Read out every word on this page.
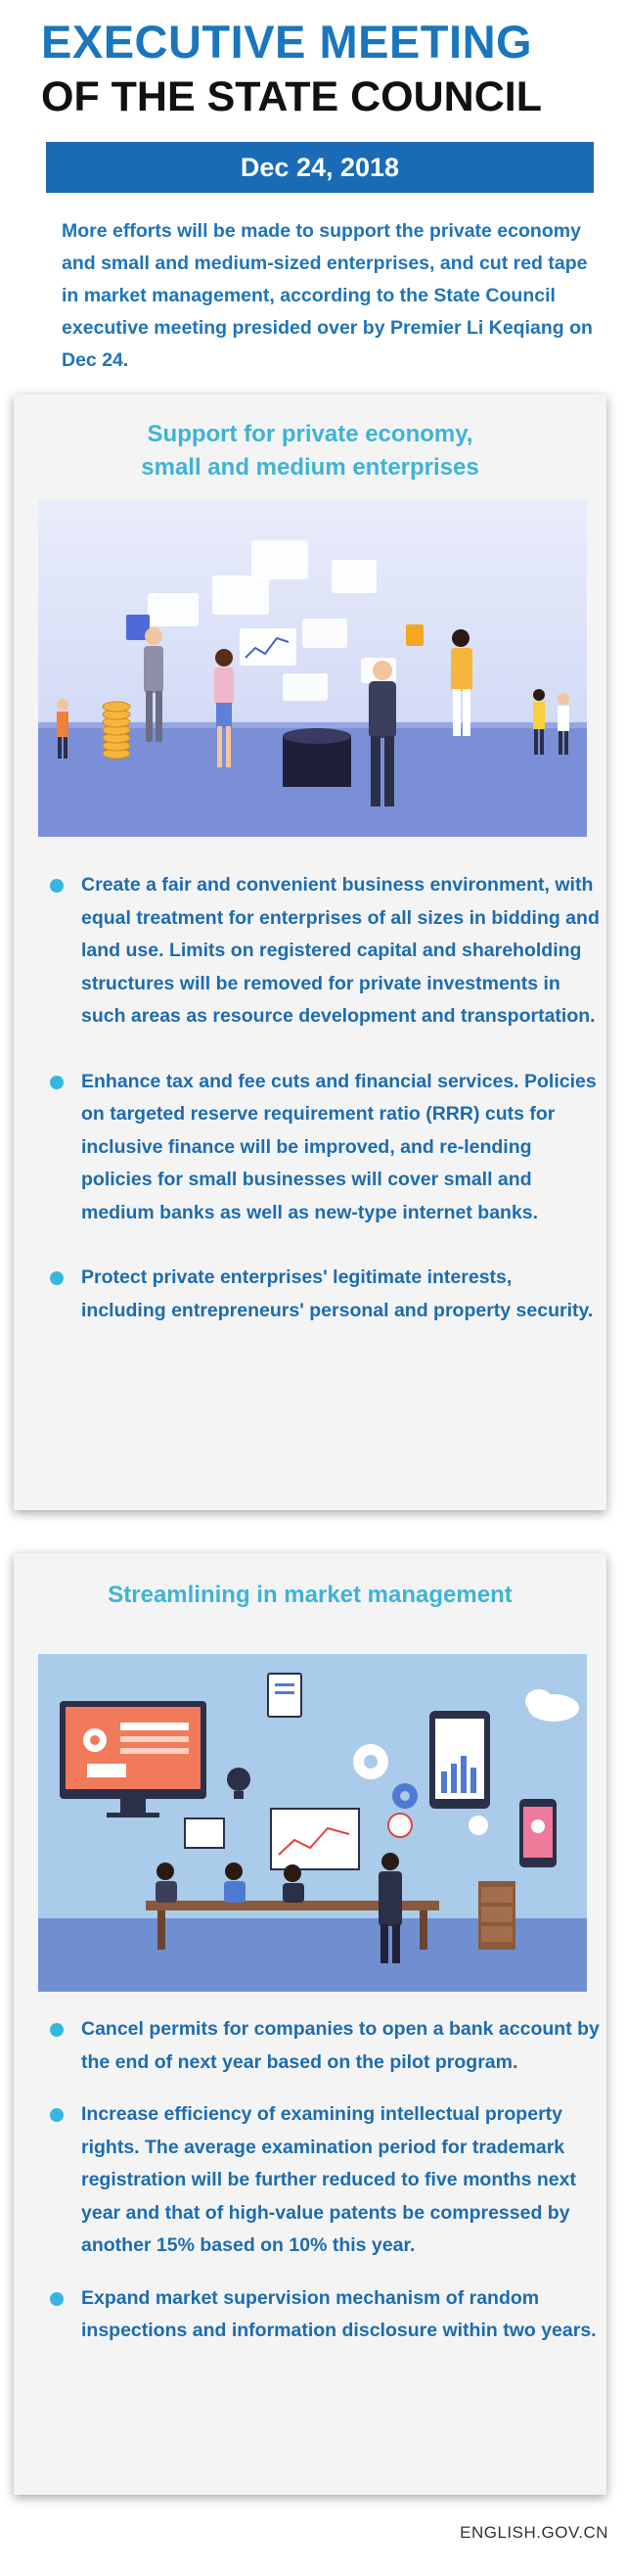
EXECUTIVE MEETING
OF THE STATE COUNCIL
Dec 24, 2018
More efforts will be made to support the private economy and small and medium-sized enterprises, and cut red tape in market management, according to the State Council executive meeting presided over by Premier Li Keqiang on Dec 24.
Support for private economy,
small and medium enterprises
Create a fair and convenient business environment, with equal treatment for enterprises of all sizes in bidding and land use. Limits on registered capital and shareholding structures will be removed for private investments in such areas as resource development and transportation.
Enhance tax and fee cuts and financial services. Policies on targeted reserve requirement ratio (RRR) cuts for inclusive finance will be improved, and re-lending policies for small businesses will cover small and medium banks as well as new-type internet banks.
Protect private enterprises' legitimate interests, including entrepreneurs' personal and property security.
Streamlining in market management
Cancel permits for companies to open a bank account by the end of next year based on the pilot program.
Increase efficiency of examining intellectual property rights. The average examination period for trademark registration will be further reduced to five months next year and that of high-value patents be compressed by another 15% based on 10% this year.
Expand market supervision mechanism of random inspections and information disclosure within two years.
ENGLISH.GOV.CN
